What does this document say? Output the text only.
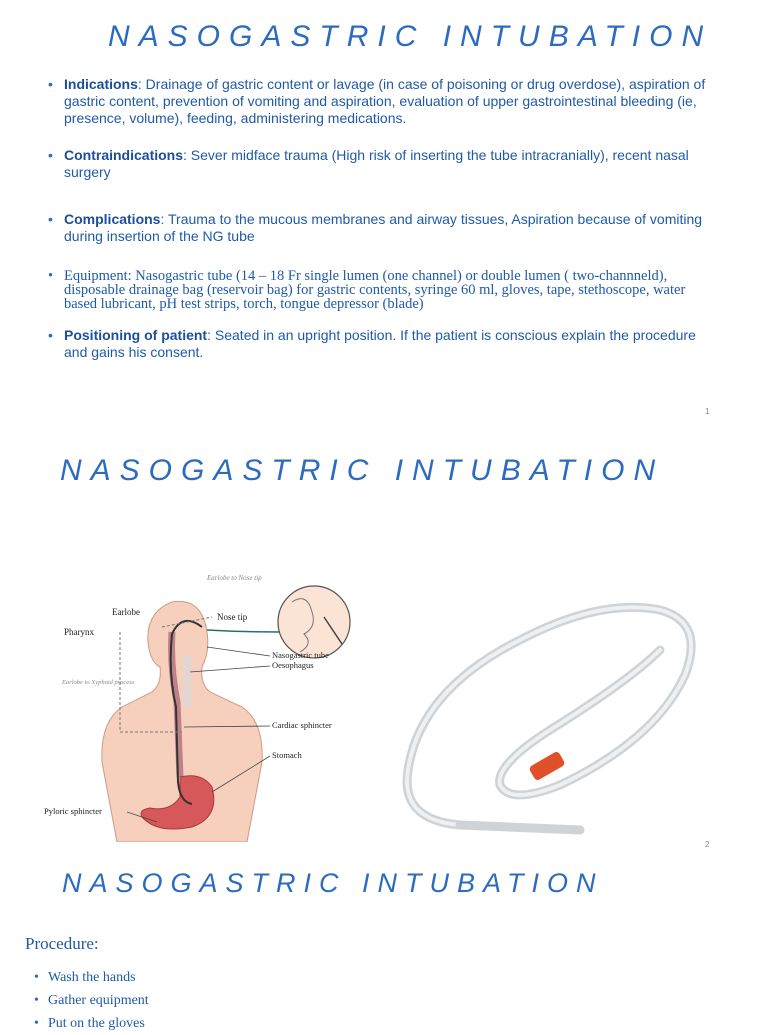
NASOGASTRIC INTUBATION
• Indications: Drainage of gastric content or lavage (in case of poisoning or drug overdose), aspiration of gastric content, prevention of vomiting and aspiration, evaluation of upper gastrointestinal bleeding (ie, presence, volume), feeding, administering medications.
• Contraindications: Sever midface trauma (High risk of inserting the tube intracranially), recent nasal surgery
• Complications: Trauma to the mucous membranes and airway tissues, Aspiration because of vomiting during insertion of the NG tube
• Equipment: Nasogastric tube (14 – 18 Fr single lumen (one channel) or double lumen ( two-channneld), disposable drainage bag (reservoir bag) for gastric contents, syringe 60 ml, gloves, tape, stethoscope, water based lubricant, pH test strips, torch, tongue depressor (blade)
• Positioning of patient: Seated in an upright position. If the patient is conscious explain the procedure and gains his consent.
1
NASOGASTRIC INTUBATION
Earlobe to Nose tip
Earlobe	Nose tip
Pharynx
Earlobe to Xyphoid process
Nasogastric tube
Oesophagus
Cardiac sphincter
Stomach
Pyloric sphincter
2
NASOGASTRIC INTUBATION
Procedure:
• Wash the hands
• Gather equipment
• Put on the gloves
